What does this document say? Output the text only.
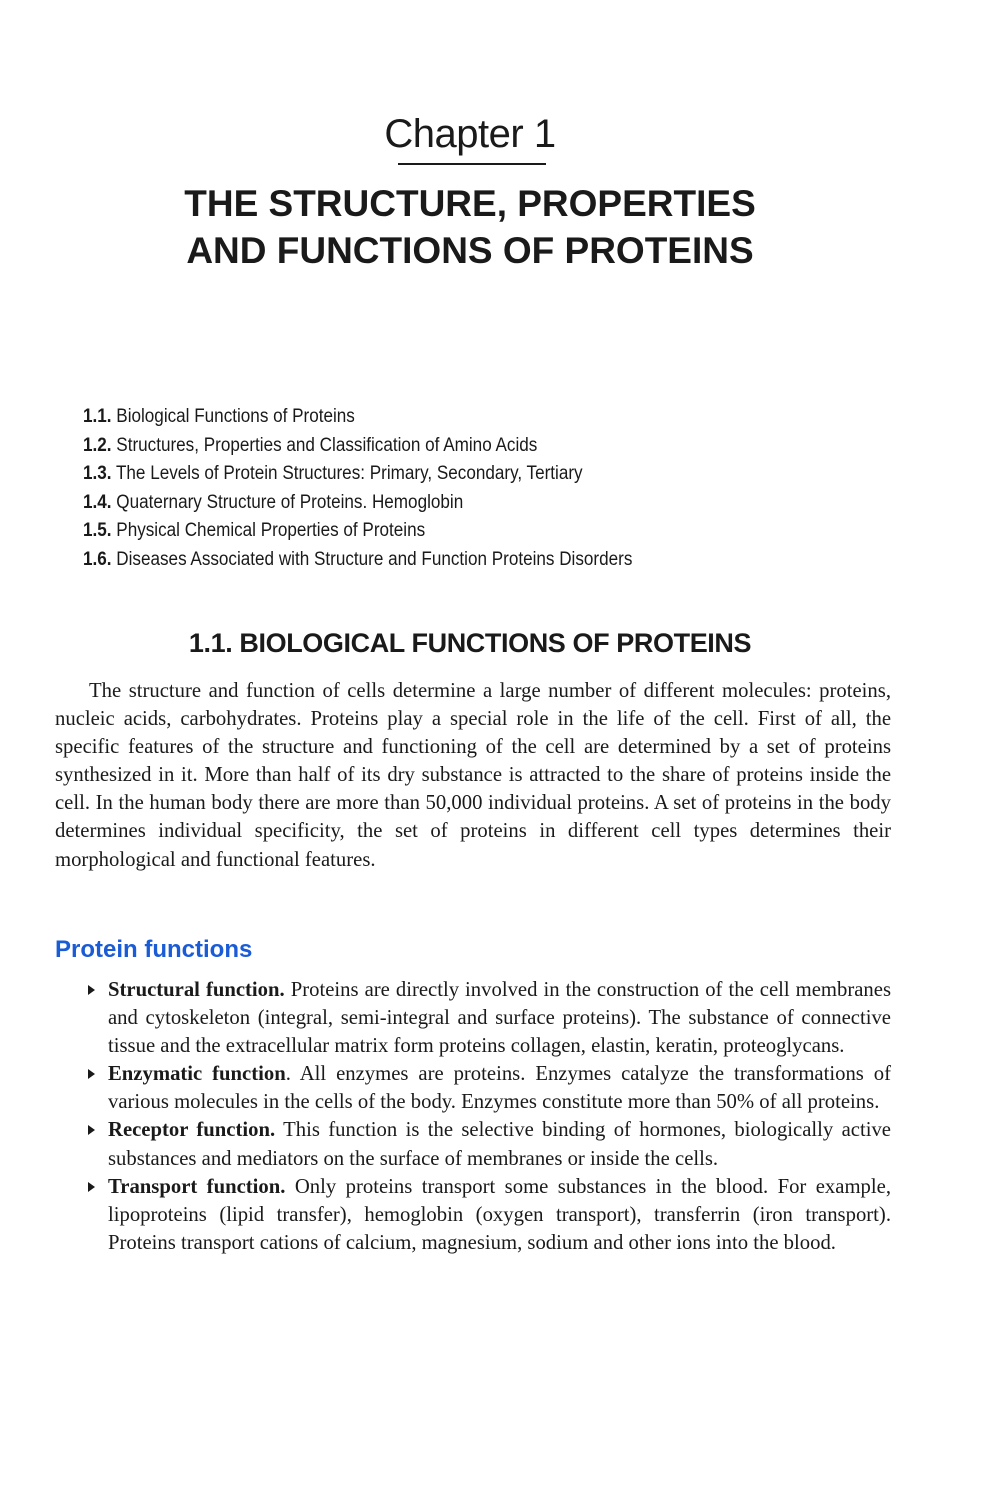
Chapter 1
THE STRUCTURE, PROPERTIES
AND FUNCTIONS OF PROTEINS
1.1. Biological Functions of Proteins
1.2. Structures, Properties and Classification of Amino Acids
1.3. The Levels of Protein Structures: Primary, Secondary, Tertiary
1.4. Quaternary Structure of Proteins. Hemoglobin
1.5. Physical Chemical Properties of Proteins
1.6. Diseases Associated with Structure and Function Proteins Disorders
1.1. BIOLOGICAL FUNCTIONS OF PROTEINS

The structure and function of cells determine a large number of different molecules: proteins, nucleic acids, carbohydrates. Proteins play a special role in the life of the cell. First of all, the specific features of the structure and functioning of the cell are determined by a set of proteins synthesized in it. More than half of its dry substance is attracted to the share of proteins inside the cell. In the human body there are more than 50,000 individual proteins. A set of proteins in the body determines individual specificity, the set of proteins in different cell types determines their morphological and functional features.

Protein functions
Structural function. Proteins are directly involved in the construction of the cell membranes and cytoskeleton (integral, semi-integral and surface proteins). The substance of connective tissue and the extracellular matrix form proteins collagen, elastin, keratin, proteoglycans.
Enzymatic function. All enzymes are proteins. Enzymes catalyze the transformations of various molecules in the cells of the body. Enzymes constitute more than 50% of all proteins.
Receptor function. This function is the selective binding of hormones, biologically active substances and mediators on the surface of membranes or inside the cells.
Transport function. Only proteins transport some substances in the blood. For example, lipoproteins (lipid transfer), hemoglobin (oxygen transport), transferrin (iron transport). Proteins transport cations of calcium, magnesium, sodium and other ions into the blood.
